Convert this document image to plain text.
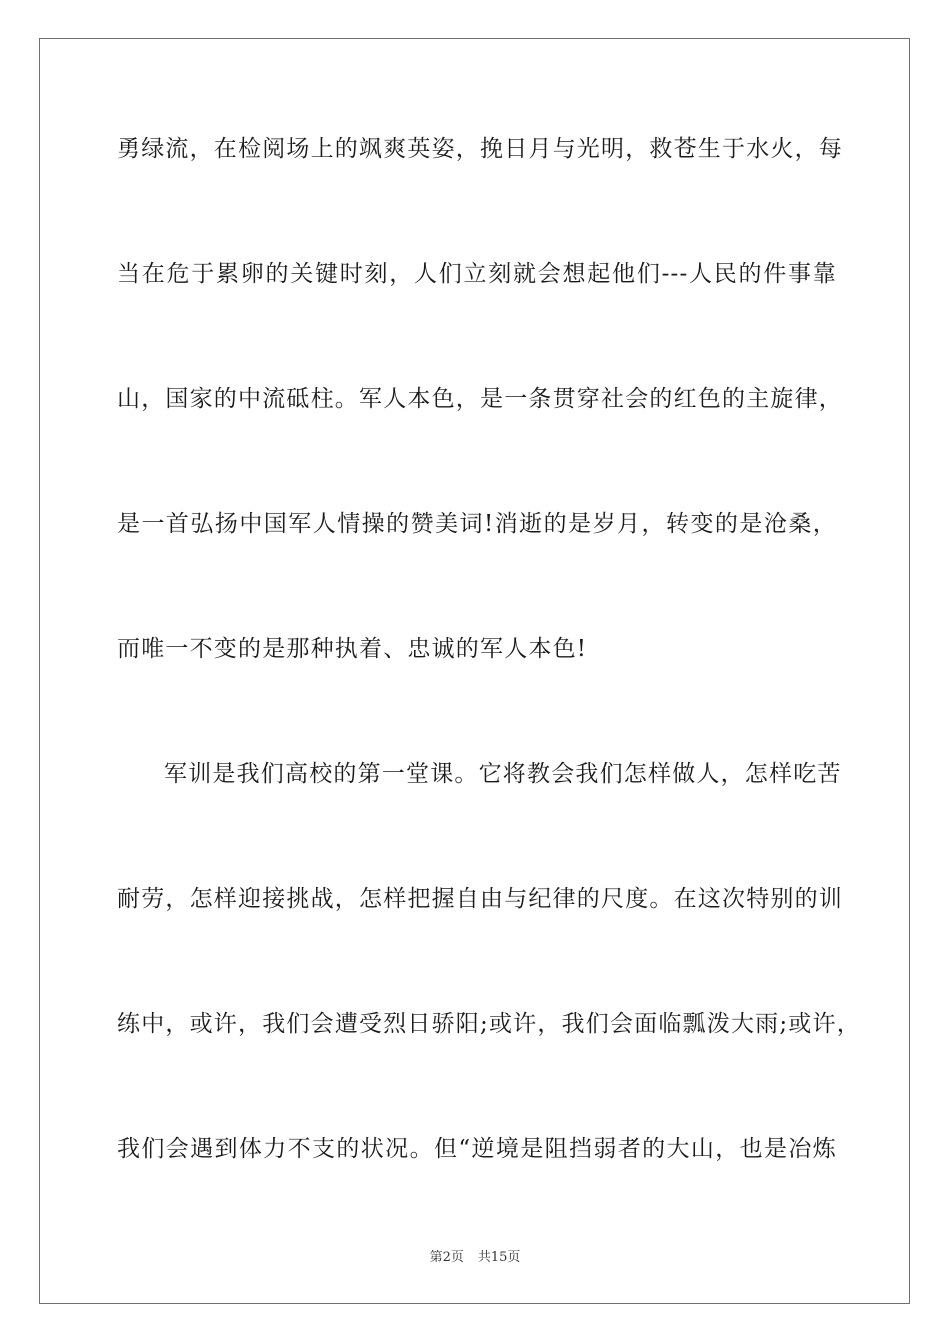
勇绿流，在检阅场上的飒爽英姿，挽日月与光明，救苍生于水火，每
当在危于累卵的关键时刻，人们立刻就会想起他们---人民的件事靠
山，国家的中流砥柱。军人本色，是一条贯穿社会的红色的主旋律，
是一首弘扬中国军人情操的赞美词!消逝的是岁月，转变的是沧桑，
而唯一不变的是那种执着、忠诚的军人本色!
军训是我们高校的第一堂课。它将教会我们怎样做人，怎样吃苦
耐劳，怎样迎接挑战，怎样把握自由与纪律的尺度。在这次特别的训
练中，或许，我们会遭受烈日骄阳;或许，我们会面临瓢泼大雨;或许，
我们会遇到体力不支的状况。但“逆境是阻挡弱者的大山，也是冶炼
第2页 共15页
